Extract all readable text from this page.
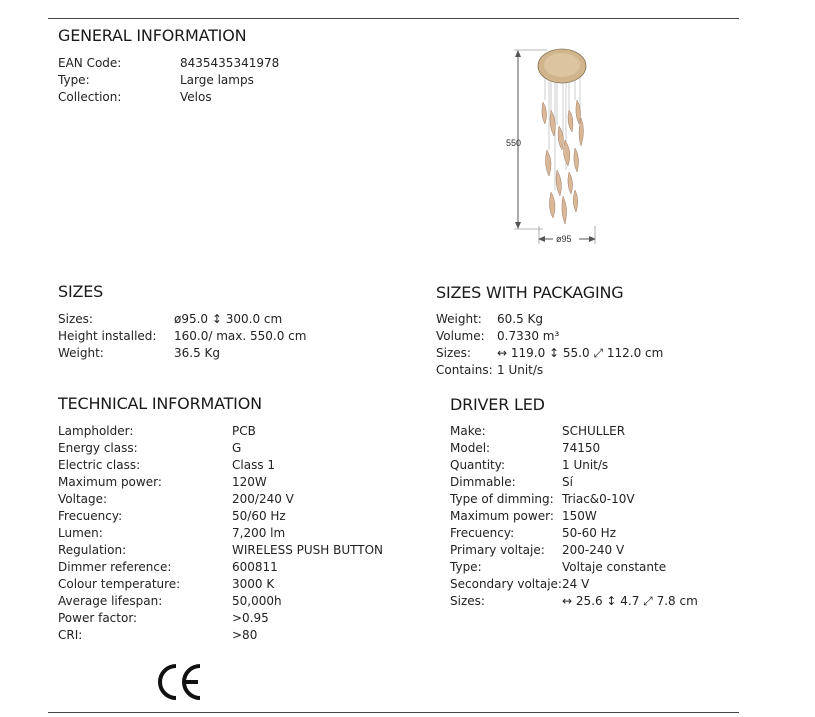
GENERAL INFORMATION
EAN Code:	8435435341978
Type:	Large lamps
Collection:	Velos
550
ø95
SIZES
Sizes:	ø95.0 ↕ 300.0 cm
Height installed: 160.0/ max. 550.0 cm
Weight:	36.5 Kg
SIZES WITH PACKAGING
Weight: 60.5 Kg
Volume: 0.7330 m³
Sizes: ↔ 119.0 ↕ 55.0 ⤢ 112.0 cm
Contains: 1 Unit/s
TECHNICAL INFORMATION
Lampholder:	PCB
Energy class:	G
Electric class:	Class 1
Maximum power:	120W
Voltage:	200/240 V
Frecuency:	50/60 Hz
Lumen:	7,200 lm
Regulation:	WIRELESS PUSH BUTTON
Dimmer reference:	600811
Colour temperature:	3000 K
Average lifespan:	50,000h
Power factor:	>0.95
CRI:	>80
DRIVER LED
Make:	SCHULLER
Model:	74150
Quantity:	1 Unit/s
Dimmable:	Sí
Type of dimming: Triac&0-10V
Maximum power: 150W
Frecuency:	50-60 Hz
Primary voltaje: 200-240 V
Type:	Voltaje constante
Secondary voltaje: 24 V
Sizes:	↔ 25.6 ↕ 4.7 ⤢ 7.8 cm
